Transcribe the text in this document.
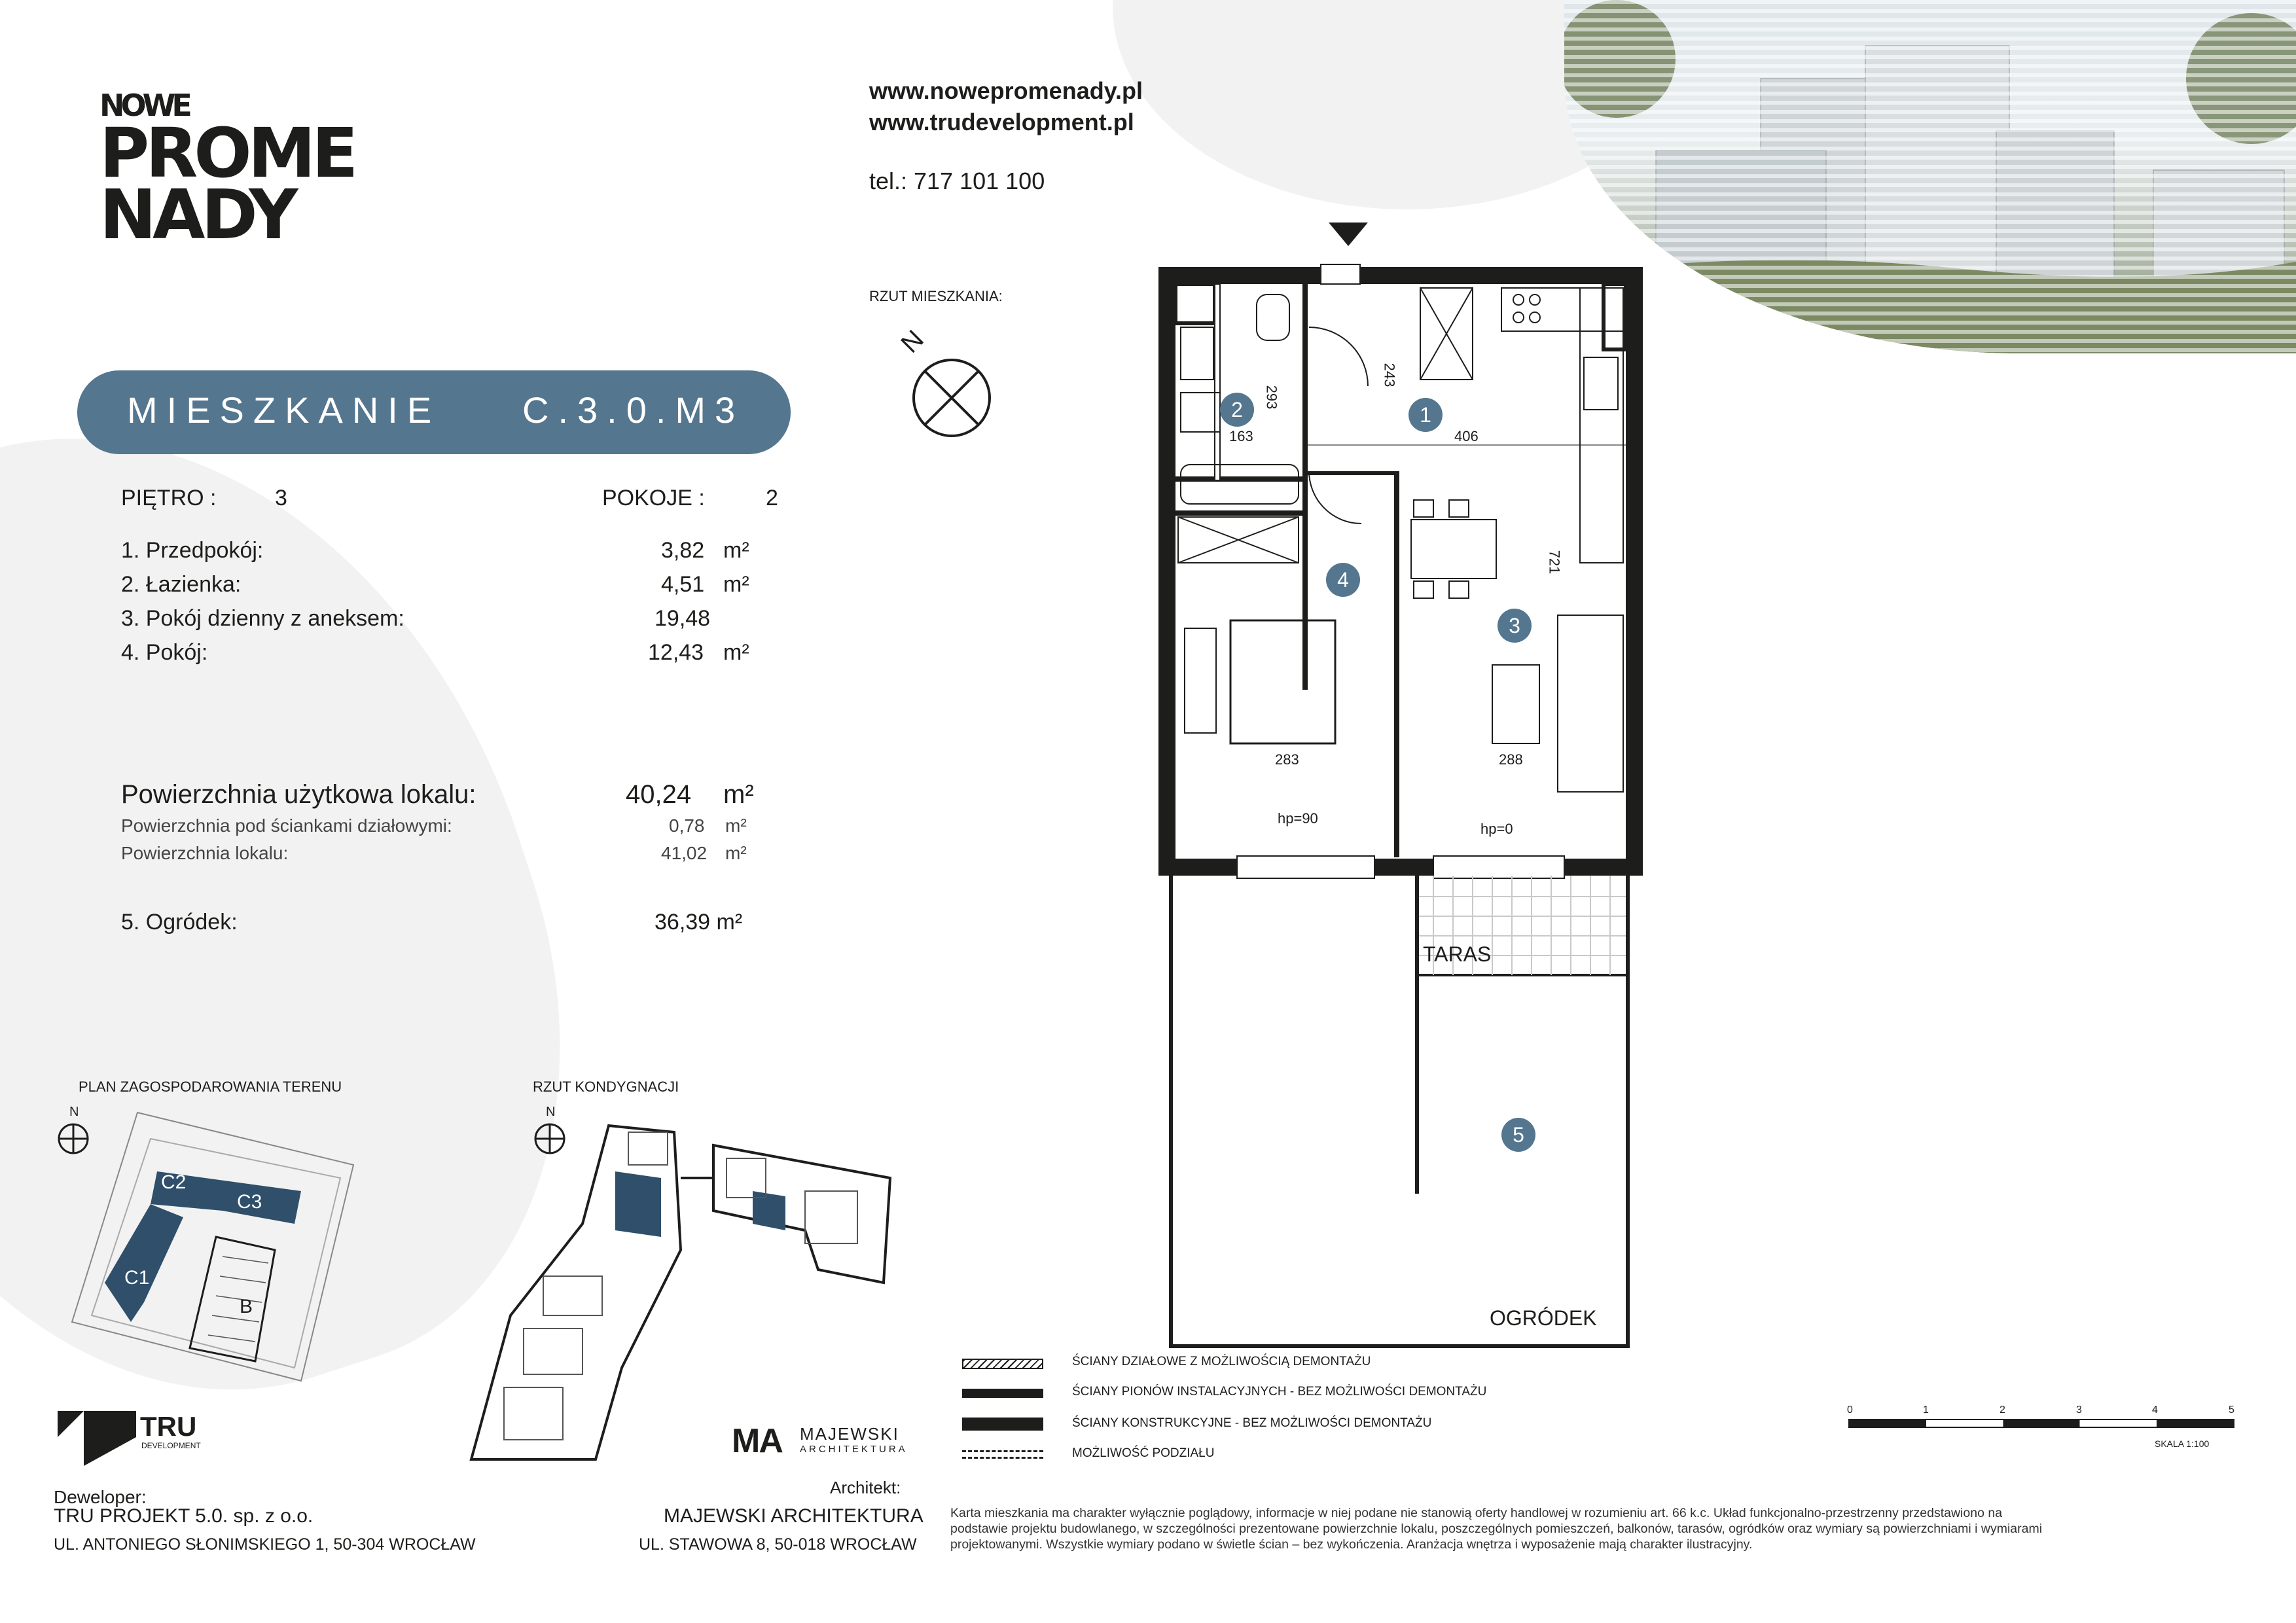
NOWE
PROME
NADY
www.nowepromenady.pl
www.trudevelopment.pl
tel.: 717 101 100
MIESZKANIE C.3.0.M3
PIĘTRO :	3	POKOJE :	2
1. Przedpokój:	3,82 m²
2. Łazienka:	4,51 m²
3. Pokój dzienny z aneksem:	19,48
4. Pokój:	12,43 m²
Powierzchnia użytkowa lokalu:	40,24 m²
Powierzchnia pod ściankami działowymi:	0,78 m²
Powierzchnia lokalu:	41,02 m²
5. Ogródek:	36,39 m²
RZUT MIESZKANIA:
N
1
2
3
4
5
293
163
243
406
721
283	288
hp=90
hp=0
TARAS
OGRÓDEK
PLAN ZAGOSPODAROWANIA TERENU
N
C2
C3
C1
B
RZUT KONDYGNACJI
N
ŚCIANY DZIAŁOWE Z MOŻLIWOŚCIĄ DEMONTAŻU
ŚCIANY PIONÓW INSTALACYJNYCH - BEZ MOŻLIWOŚCI DEMONTAŻU
ŚCIANY KONSTRUKCYJNE - BEZ MOŻLIWOŚCI DEMONTAŻU
MOŻLIWOŚĆ PODZIAŁU
0	1	2	3	4	5
SKALA 1:100
TRU
DEVELOPMENT
Deweloper:
TRU PROJEKT 5.0. sp. z o.o.
UL. ANTONIEGO SŁONIMSKIEGO 1, 50-304 WROCŁAW
MA MAJEWSKI
ARCHITEKTURA
Architekt:
MAJEWSKI ARCHITEKTURA
UL. STAWOWA 8, 50-018 WROCŁAW
Karta mieszkania ma charakter wyłącznie poglądowy, informacje w niej podane nie stanowią oferty handlowej w rozumieniu art. 66 k.c. Układ funkcjonalno-przestrzenny przedstawiono na
podstawie projektu budowlanego, w szczególności prezentowane powierzchnie lokalu, poszczególnych pomieszczeń, balkonów, tarasów, ogródków oraz wymiary są powierzchniami i wymiarami
projektowanymi. Wszystkie wymiary podano w świetle ścian – bez wykończenia. Aranżacja wnętrza i wyposażenie mają charakter ilustracyjny.
